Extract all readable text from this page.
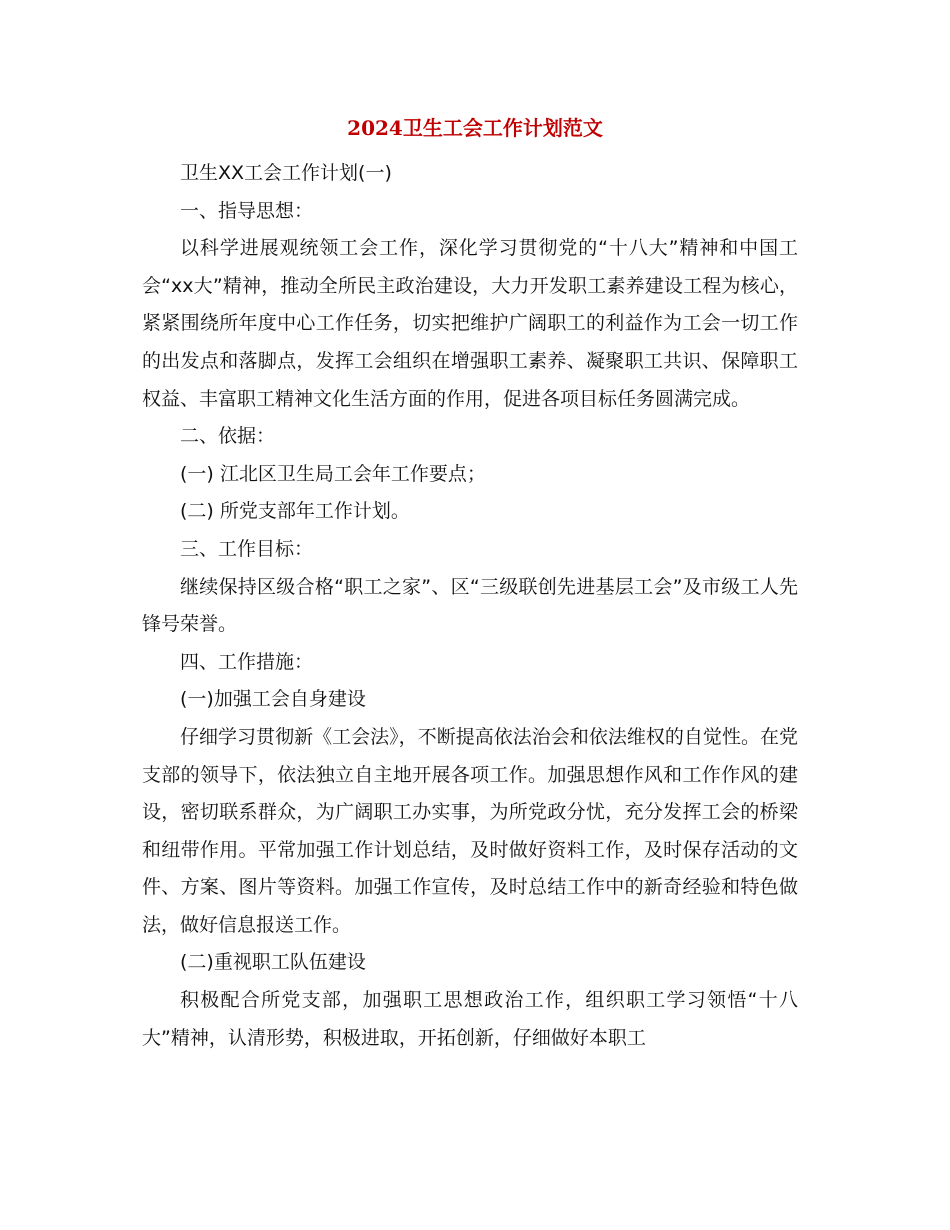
2024卫生工会工作计划范文

卫生XX工会工作计划(一)

一、指导思想：

以科学进展观统领工会工作，深化学习贯彻党的“十八大”精神和中国工会“xx大”精神，推动全所民主政治建设，大力开发职工素养建设工程为核心，紧紧围绕所年度中心工作任务，切实把维护广阔职工的利益作为工会一切工作的出发点和落脚点，发挥工会组织在增强职工素养、凝聚职工共识、保障职工权益、丰富职工精神文化生活方面的作用，促进各项目标任务圆满完成。

二、依据：

(一) 江北区卫生局工会年工作要点；

(二) 所党支部年工作计划。

三、工作目标：

继续保持区级合格“职工之家”、区“三级联创先进基层工会”及市级工人先锋号荣誉。

四、工作措施：

(一)加强工会自身建设

仔细学习贯彻新《工会法》，不断提高依法治会和依法维权的自觉性。在党支部的领导下，依法独立自主地开展各项工作。加强思想作风和工作作风的建设，密切联系群众，为广阔职工办实事，为所党政分忧，充分发挥工会的桥梁和纽带作用。平常加强工作计划总结，及时做好资料工作，及时保存活动的文件、方案、图片等资料。加强工作宣传，及时总结工作中的新奇经验和特色做法，做好信息报送工作。

(二)重视职工队伍建设

积极配合所党支部，加强职工思想政治工作，组织职工学习领悟“十八大”精神，认清形势，积极进取，开拓创新，仔细做好本职工
